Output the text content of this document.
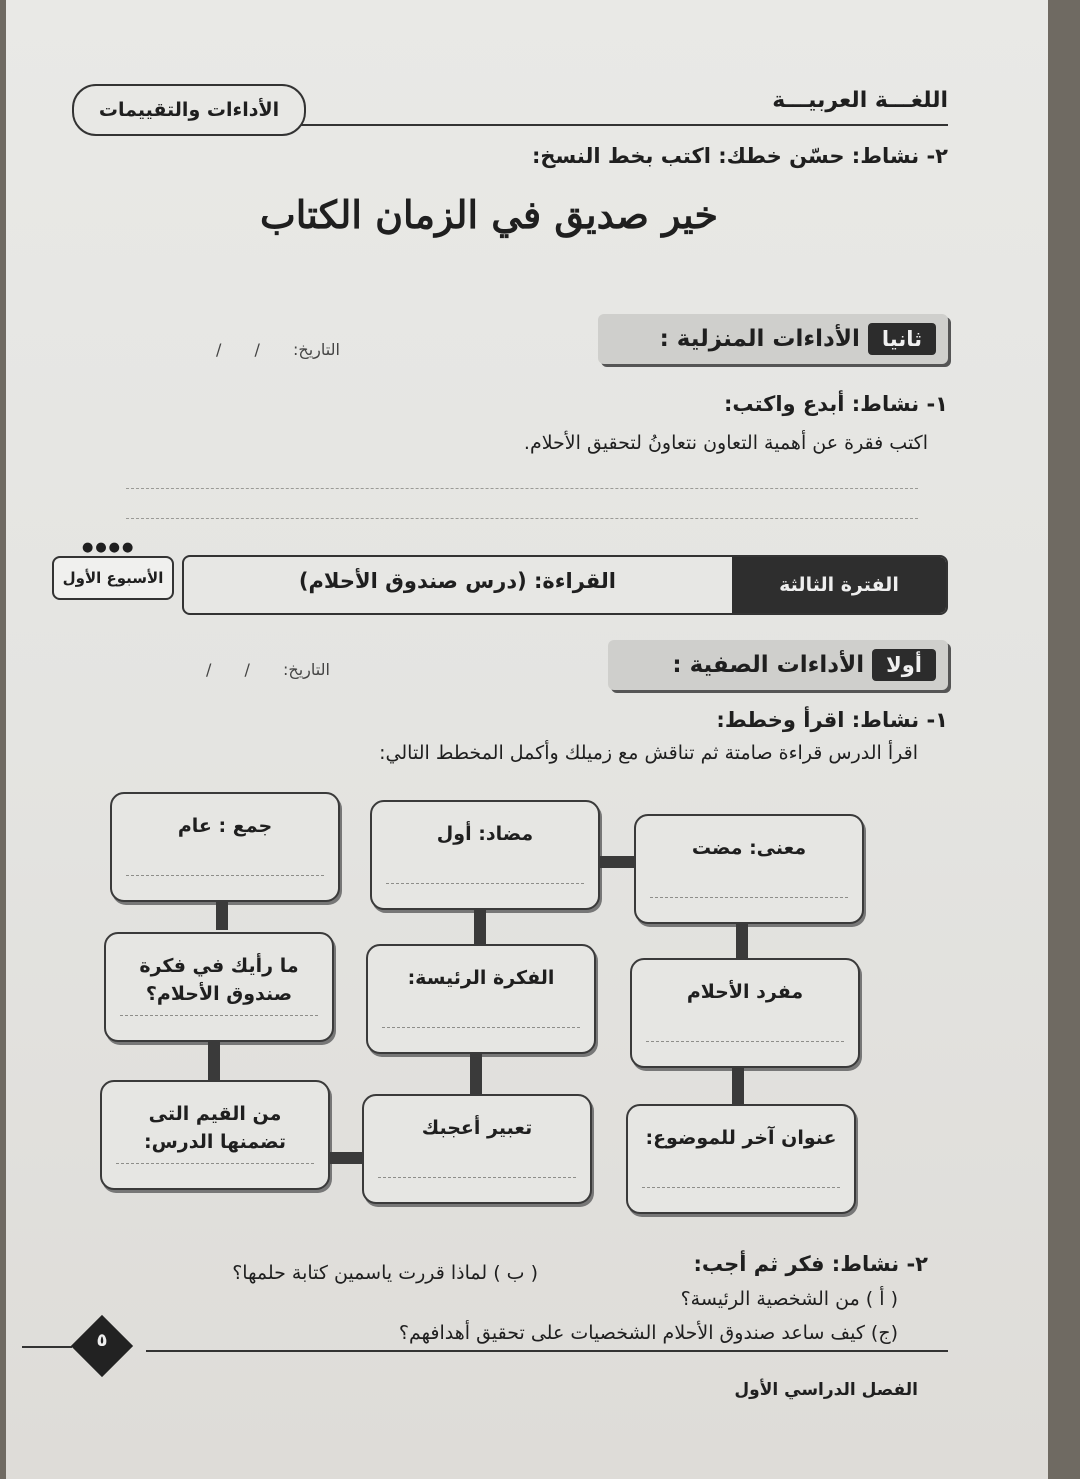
اللغـــة العربيـــة
الأداءات والتقييمات
٢- نشاط: حسّن خطك: اكتب بخط النسخ:
خير صديق في الزمان الكتاب
ثانيا
الأداءات المنزلية :
التاريخ: / /
١- نشاط: أبدع واكتب:
اكتب فقرة عن أهمية التعاون نتعاونُ لتحقيق الأحلام.
●●●●
الفترة الثالثة
القراءة: (درس صندوق الأحلام)
الأسبوع الأول
أولا
الأداءات الصفية :
التاريخ: / /
١- نشاط: اقرأ وخطط:
اقرأ الدرس قراءة صامتة ثم تناقش مع زميلك وأكمل المخطط التالي:
معنى: مضت
مضاد: أول
جمع : عام
مفرد الأحلام
الفكرة الرئيسة:
ما رأيك في فكرة صندوق الأحلام؟
عنوان آخر للموضوع:
تعبير أعجبك
من القيم التى تضمنها الدرس:
٢- نشاط: فكر ثم أجب:
( أ ) من الشخصية الرئيسة؟
( ب ) لماذا قررت ياسمين كتابة حلمها؟
(ج) كيف ساعد صندوق الأحلام الشخصيات على تحقيق أهدافهم؟
٥
الفصل الدراسي الأول
